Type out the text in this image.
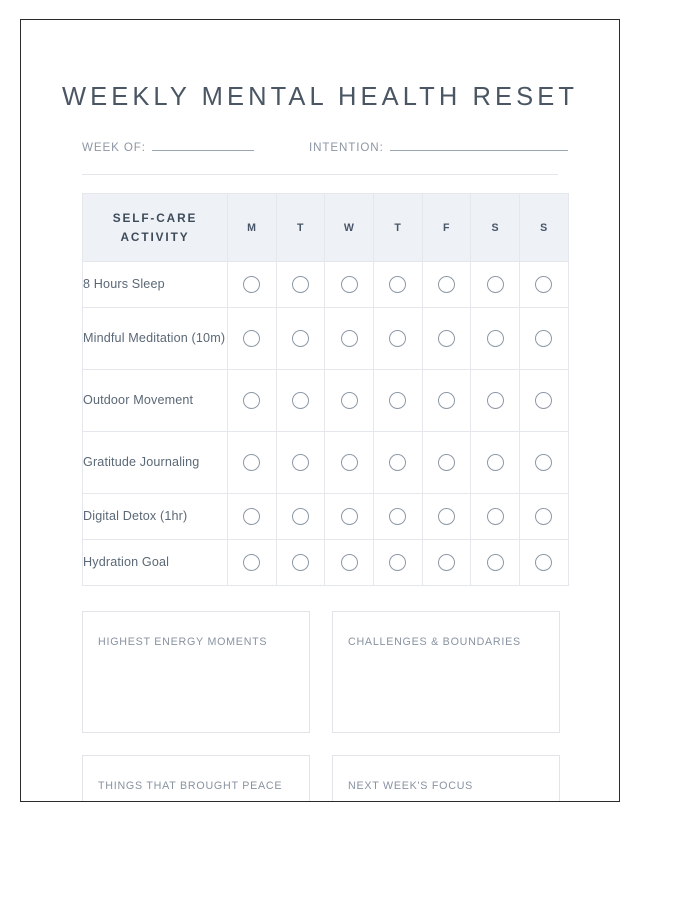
WEEKLY MENTAL HEALTH RESET
WEEK OF:	INTENTION:
SELF-CARE
ACTIVITY	M	T	W	T	F	S	S
8 Hours Sleep							
Mindful Meditation (10m)							
Outdoor Movement							
Gratitude Journaling							
Digital Detox (1hr)							
Hydration Goal							
HIGHEST ENERGY MOMENTS	CHALLENGES & BOUNDARIES
THINGS THAT BROUGHT PEACE	NEXT WEEK'S FOCUS
